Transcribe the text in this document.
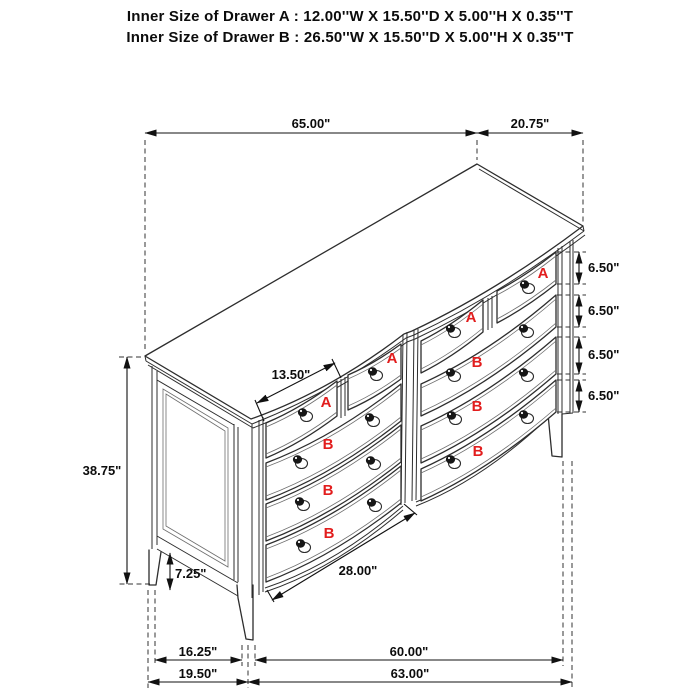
Inner Size of Drawer A : 12.00''W X 15.50''D X 5.00''H X 0.35''T
Inner Size of Drawer B : 26.50''W X 15.50''D X 5.00''H X 0.35''T
A
A
A
A
B
B
B
B
B
B
65.00"	20.75"
6.50"
6.50"
6.50"
6.50"
38.75"
7.25"
13.50"
28.00"
16.25"	60.00"
19.50"	63.00"
